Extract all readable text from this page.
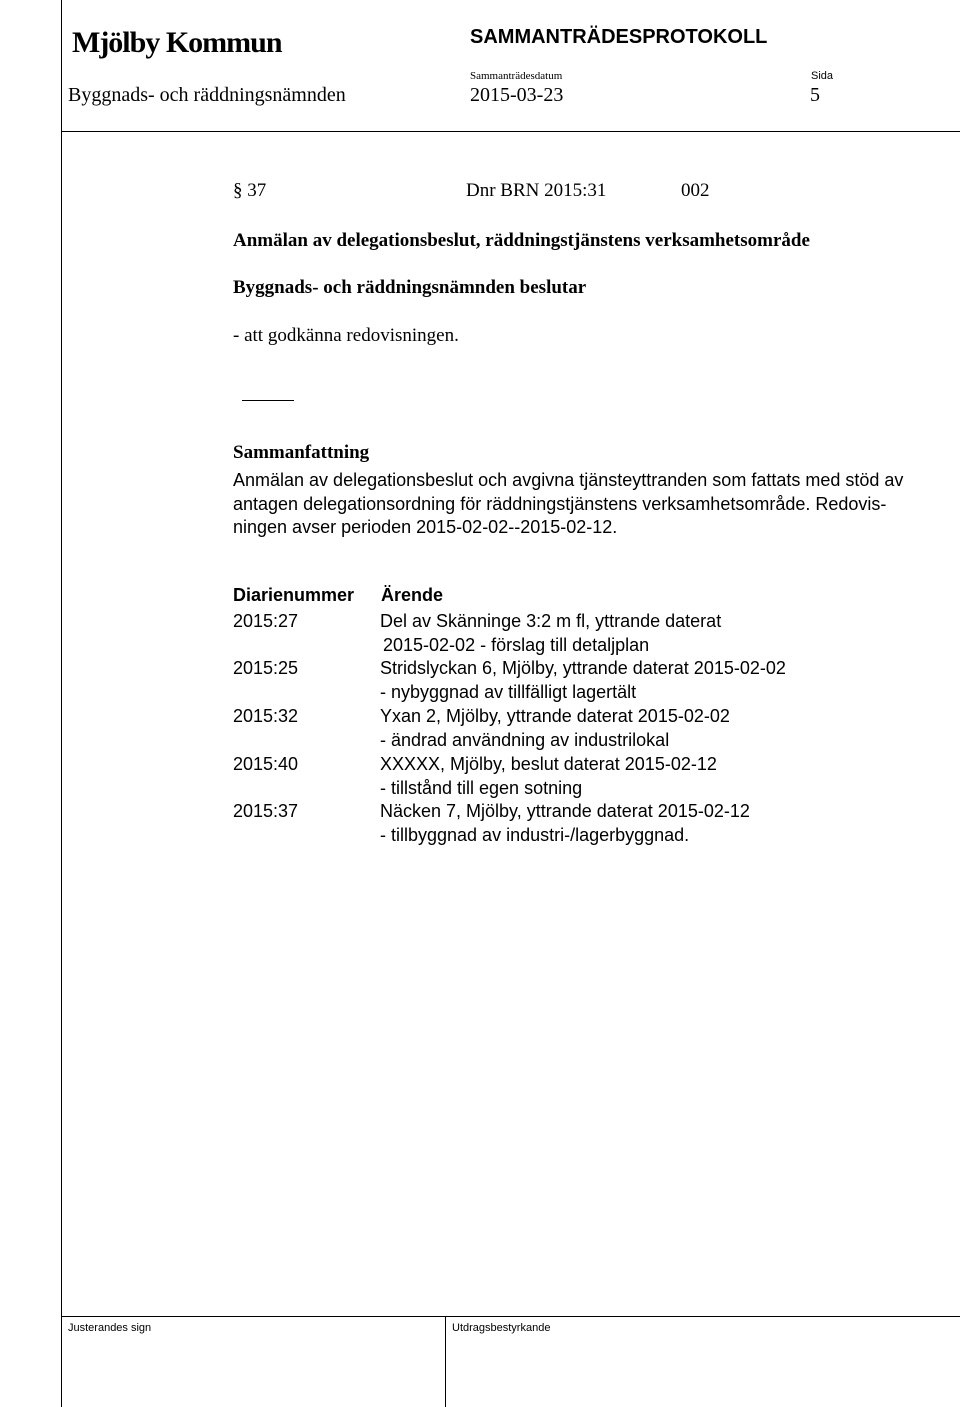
Mjölby Kommun	SAMMANTRÄDESPROTOKOLL
Sammanträdesdatum	Sida
Byggnads- och räddningsnämnden	2015-03-23	5
§ 37	Dnr BRN 2015:31	002
Anmälan av delegationsbeslut, räddningstjänstens verksamhetsområde
Byggnads- och räddningsnämnden beslutar
- att godkänna redovisningen.
Sammanfattning
Anmälan av delegationsbeslut och avgivna tjänsteyttranden som fattats med stöd av
antagen delegationsordning för räddningstjänstens verksamhetsområde. Redovis-
ningen avser perioden 2015-02-02--2015-02-12.
Diarienummer Ärende
2015:27	Del av Skänninge 3:2 m fl, yttrande daterat
2015-02-02 - förslag till detaljplan
2015:25	Stridslyckan 6, Mjölby, yttrande daterat 2015-02-02
- nybyggnad av tillfälligt lagertält
2015:32	Yxan 2, Mjölby, yttrande daterat 2015-02-02
- ändrad användning av industrilokal
2015:40	XXXXX, Mjölby, beslut daterat 2015-02-12
- tillstånd till egen sotning
2015:37	Näcken 7, Mjölby, yttrande daterat 2015-02-12
- tillbyggnad av industri-/lagerbyggnad.
Justerandes sign	Utdragsbestyrkande
